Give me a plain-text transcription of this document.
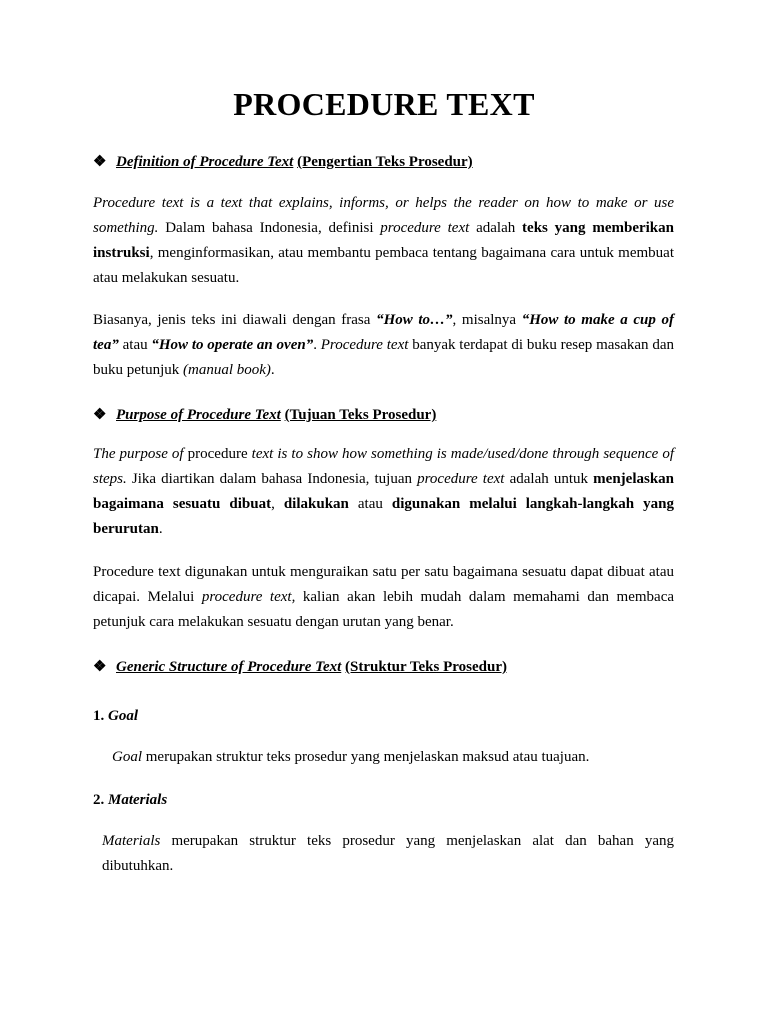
PROCEDURE TEXT

❖ Definition of Procedure Text (Pengertian Teks Prosedur)

Procedure text is a text that explains, informs, or helps the reader on how to make or use something. Dalam bahasa Indonesia, definisi procedure text adalah teks yang memberikan instruksi, menginformasikan, atau membantu pembaca tentang bagaimana cara untuk membuat atau melakukan sesuatu.

Biasanya, jenis teks ini diawali dengan frasa “How to…”, misalnya “How to make a cup of tea” atau “How to operate an oven”. Procedure text banyak terdapat di buku resep masakan dan buku petunjuk (manual book).

❖ Purpose of Procedure Text (Tujuan Teks Prosedur)

The purpose of procedure text is to show how something is made/used/done through sequence of steps. Jika diartikan dalam bahasa Indonesia, tujuan procedure text adalah untuk menjelaskan bagaimana sesuatu dibuat, dilakukan atau digunakan melalui langkah-langkah yang berurutan.

Procedure text digunakan untuk menguraikan satu per satu bagaimana sesuatu dapat dibuat atau dicapai. Melalui procedure text, kalian akan lebih mudah dalam memahami dan membaca petunjuk cara melakukan sesuatu dengan urutan yang benar.

❖ Generic Structure of Procedure Text (Struktur Teks Prosedur)

1. Goal

Goal merupakan struktur teks prosedur yang menjelaskan maksud atau tuajuan.

2. Materials

Materials merupakan struktur teks prosedur yang menjelaskan alat dan bahan yang dibutuhkan.
